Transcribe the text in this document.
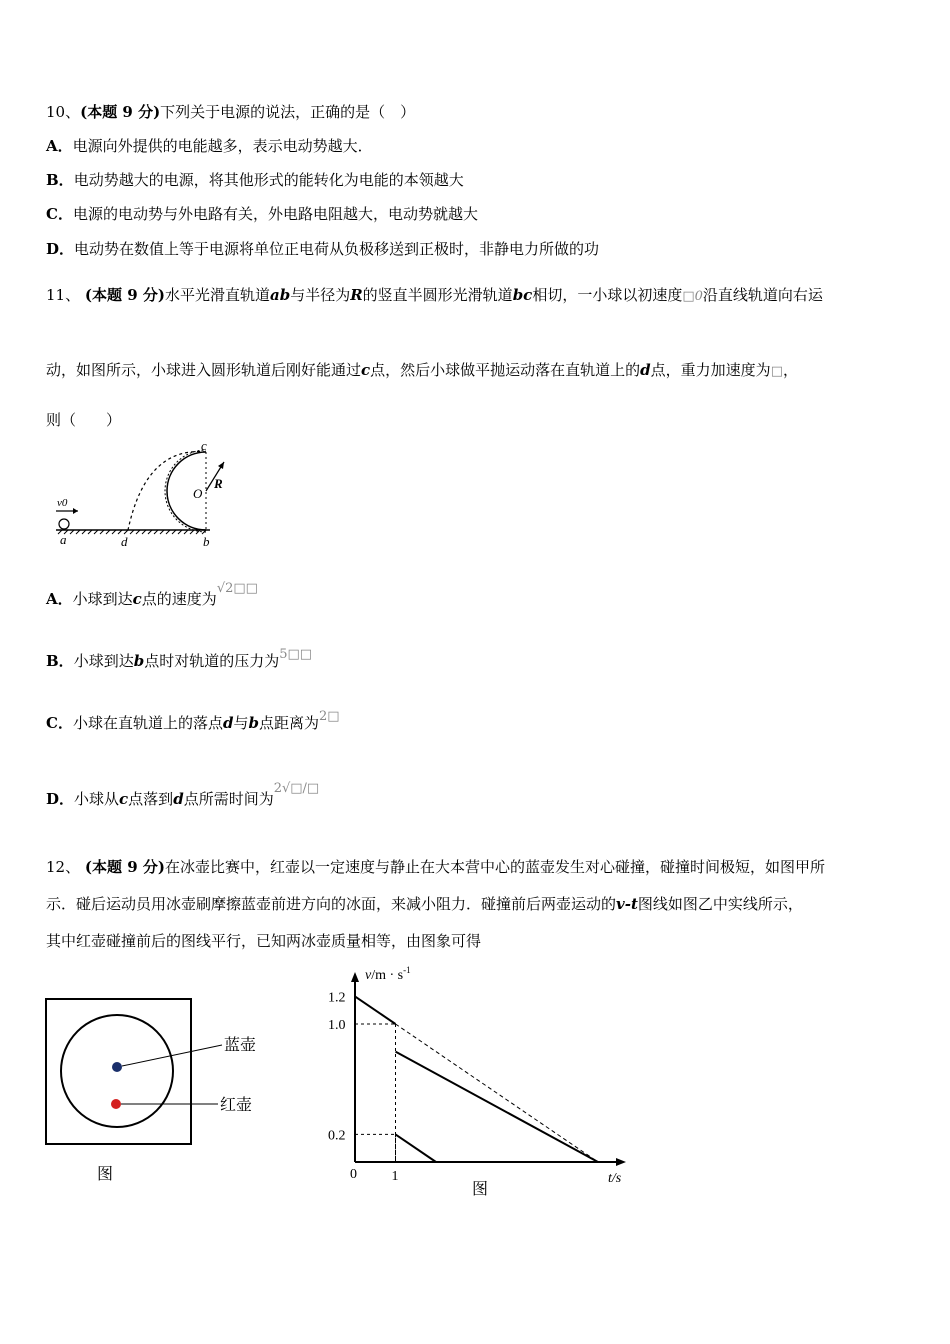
10、(本题 9 分)下列关于电源的说法，正确的是（　）
A．电源向外提供的电能越多，表示电动势越大．
B．电动势越大的电源，将其他形式的能转化为电能的本领越大
C．电源的电动势与外电路有关，外电路电阻越大，电动势就越大
D．电动势在数值上等于电源将单位正电荷从负极移送到正极时，非静电力所做的功
11、 (本题 9 分)水平光滑直轨道ab与半径为R的竖直半圆形光滑轨道bc相切，一小球以初速度□0沿直线轨道向右运
动，如图所示，小球进入圆形轨道后刚好能通过c点，然后小球做平抛运动落在直轨道上的d点，重力加速度为□，
则（　　）
c
R
O
v0
a	d	b
A．小球到达c点的速度为√2□□
B．小球到达b点时对轨道的压力为5□□
C．小球在直轨道上的落点d与b点距离为2□
D．小球从c点落到d点所需时间为2√□/□
12、 (本题 9 分)在冰壶比赛中，红壶以一定速度与静止在大本营中心的蓝壶发生对心碰撞，碰撞时间极短，如图甲所
示．碰后运动员用冰壶刷摩擦蓝壶前进方向的冰面，来减小阻力．碰撞前后两壶运动的v-t图线如图乙中实线所示，
其中红壶碰撞前后的图线平行，已知两冰壶质量相等，由图象可得
蓝壶
红壶
图
$v/m \cdot s^{-1}$
t/s
1.2
1.0
0.2
0 1
图
